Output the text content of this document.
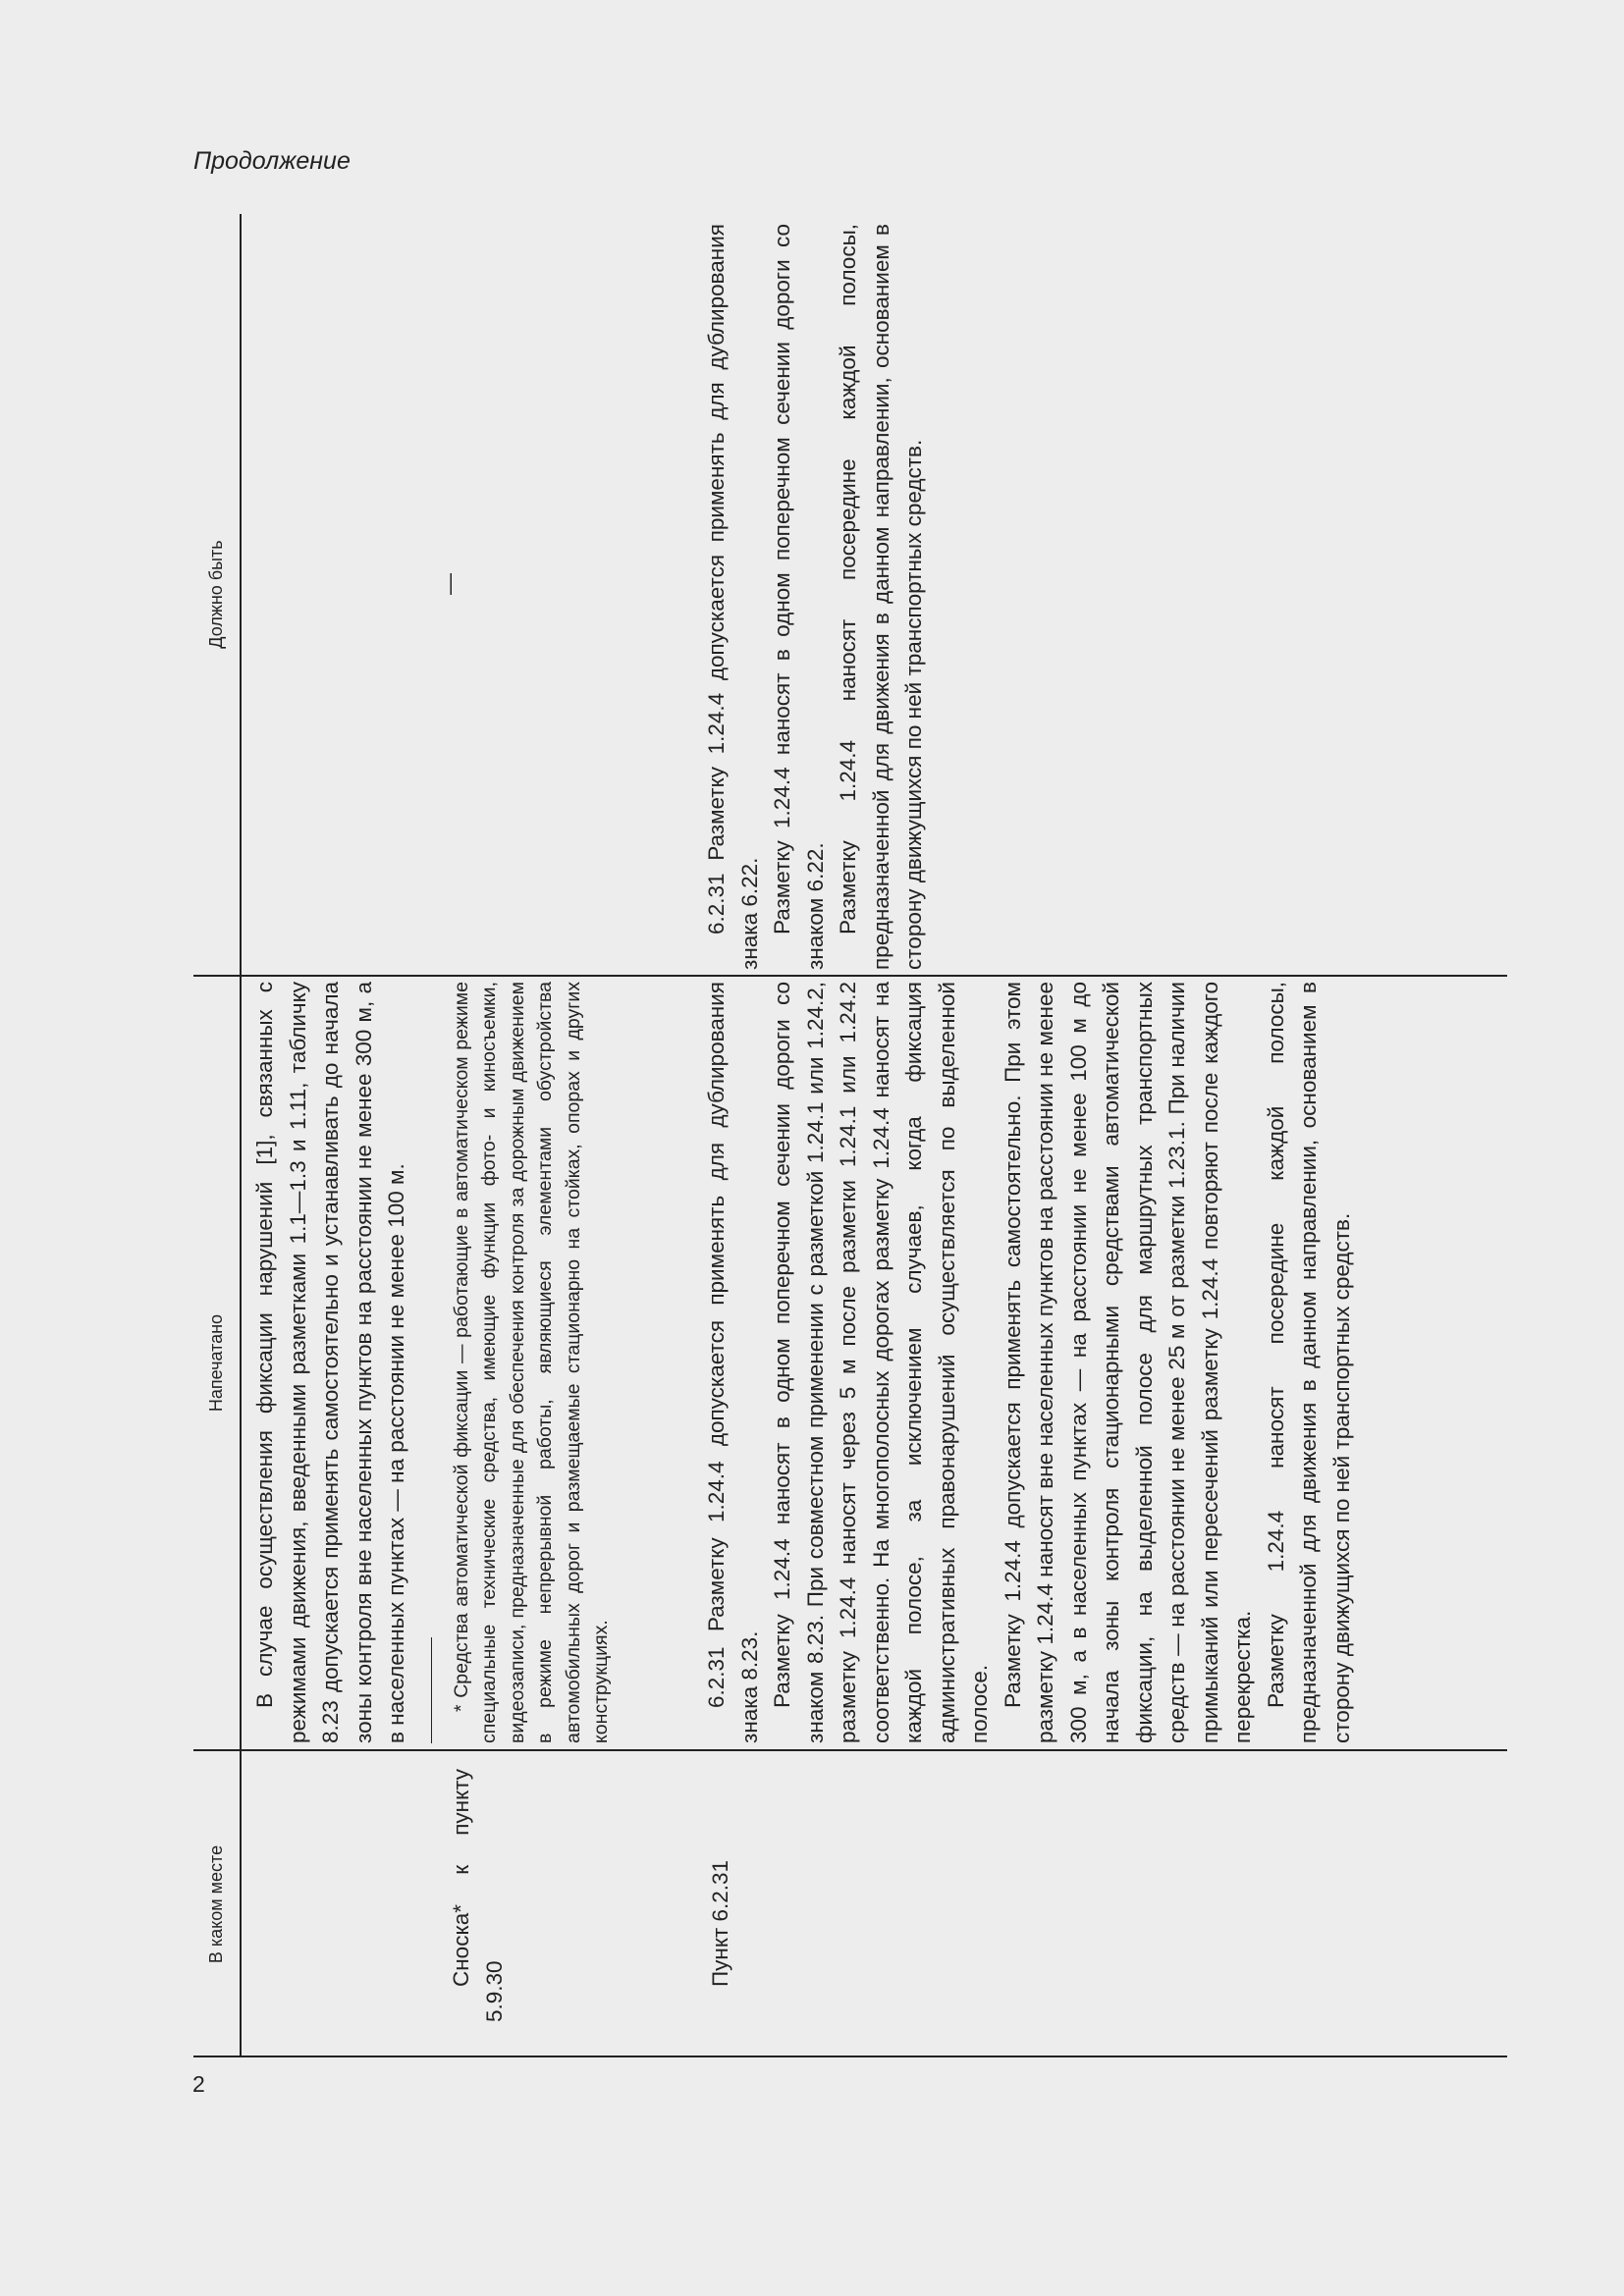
Продолжение
В каком месте
Напечатано
Должно быть

Сноска* к пункту 5.9.30

В случае осуществления фиксации нарушений [1], связанных с режимами движения, введенными разметками 1.1—1.3 и 1.11, табличку 8.23 допускается применять самостоятельно и устанавливать до начала зоны контроля вне населенных пунктов на расстоянии не менее 300 м, а в населенных пунктах — на расстоянии не менее 100 м. * Средства автоматической фиксации — работающие в автоматическом режиме специальные технические средства, имеющие функции фото- и киносъемки, видеозаписи, предназначенные для обеспечения контроля за дорожным движением в режиме непрерывной работы, являющиеся элементами обустройства автомобильных дорог и размещаемые стационарно на стойках, опорах и других конструкциях.

—

Пункт 6.2.31

6.2.31 Разметку 1.24.4 допускается применять для дублирования знака 8.23. Разметку 1.24.4 наносят в одном поперечном сечении дороги со знаком 8.23. При совместном применении с разметкой 1.24.1 или 1.24.2, разметку 1.24.4 наносят через 5 м после разметки 1.24.1 или 1.24.2 соответственно. На многополосных дорогах разметку 1.24.4 наносят на каждой полосе, за исключением случаев, когда фиксация административных правонарушений осуществляется по выделенной полосе. Разметку 1.24.4 допускается применять самостоятельно. При этом разметку 1.24.4 наносят вне населенных пунктов на расстоянии не менее 300 м, а в населенных пунктах — на расстоянии не менее 100 м до начала зоны контроля стационарными средствами автоматической фиксации, на выделенной полосе для маршрутных транспортных средств — на расстоянии не менее 25 м от разметки 1.23.1. При наличии примыканий или пересечений разметку 1.24.4 повторяют после каждого перекрестка. Разметку 1.24.4 наносят посередине каждой полосы, предназначенной для движения в данном направлении, основанием в сторону движущихся по ней транспортных средств.

6.2.31 Разметку 1.24.4 допускается применять для дублирования знака 6.22. Разметку 1.24.4 наносят в одном поперечном сечении дороги со знаком 6.22. Разметку 1.24.4 наносят посередине каждой полосы, предназначенной для движения в данном направлении, основанием в сторону движущихся по ней транспортных средств.

2
